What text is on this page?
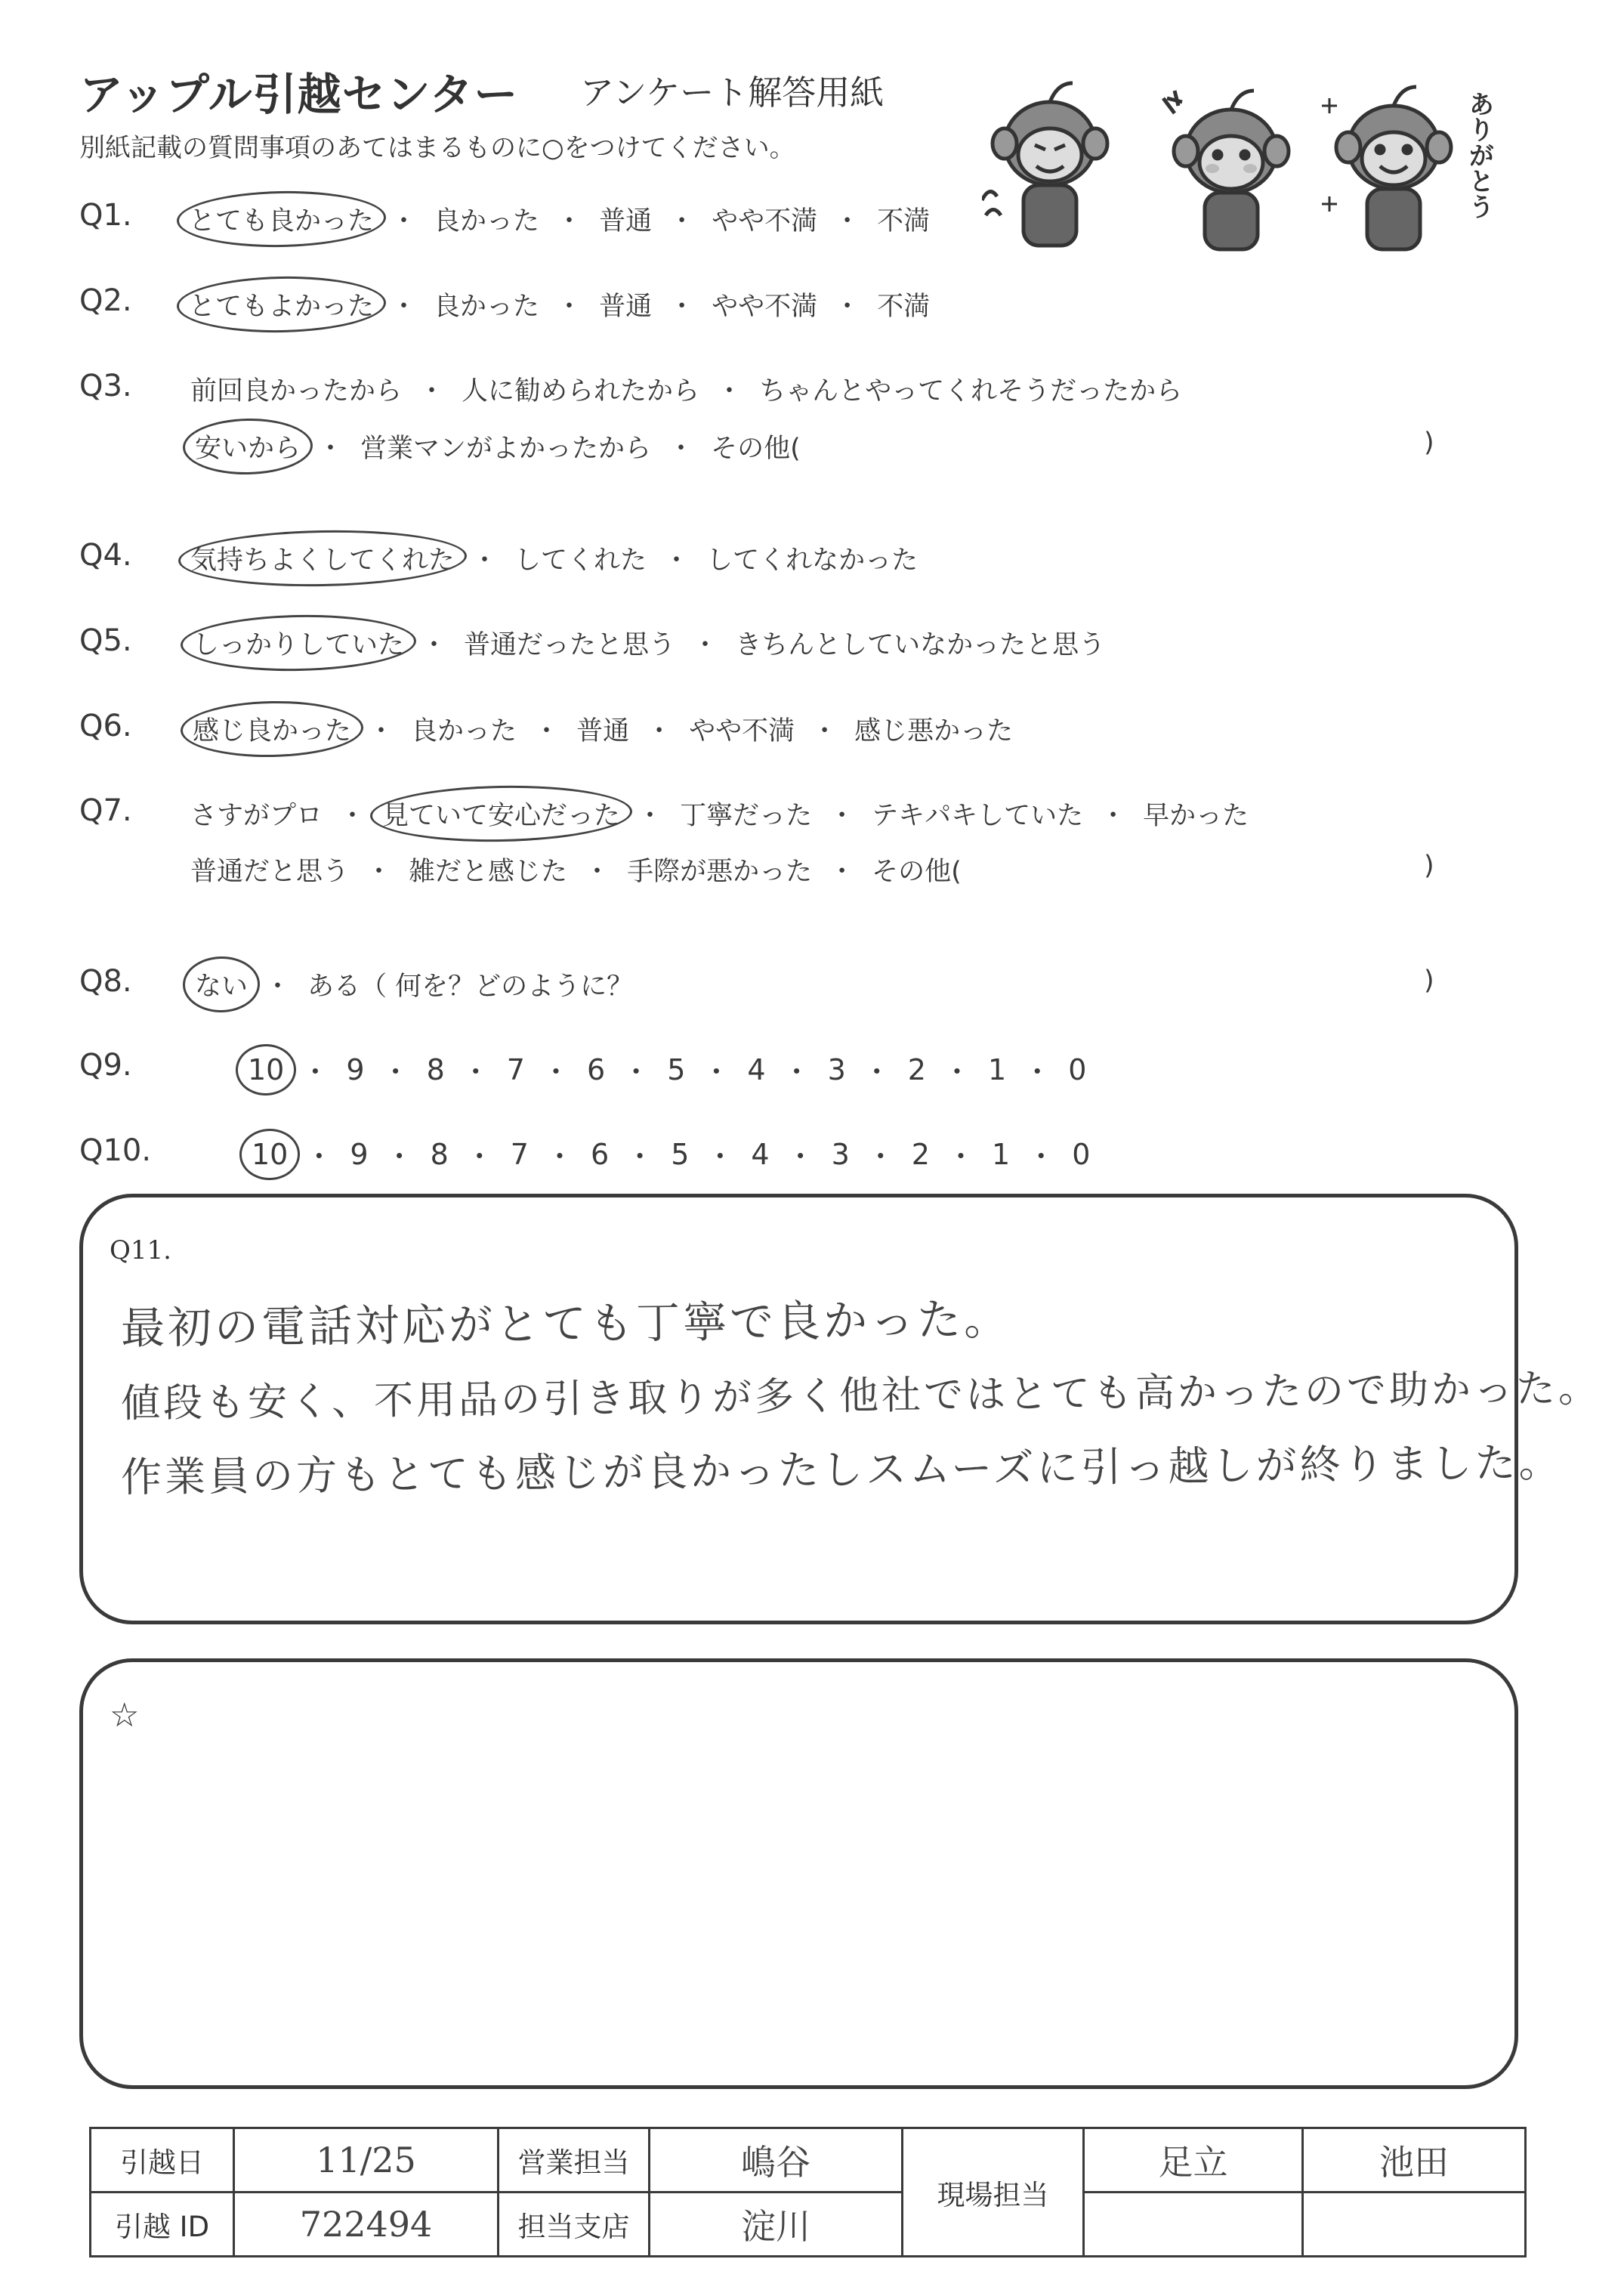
アップル引越センター アンケート解答用紙
別紙記載の質問事項のあてはまるものに○をつけてください。	ありがとう
Q1. とても良かった ・ 良かった ・ 普通 ・ やや不満 ・ 不満
Q2. とてもよかった ・ 良かった ・ 普通 ・ やや不満 ・ 不満
Q3. 前回良かったから ・ 人に勧められたから ・ ちゃんとやってくれそうだったから
安いから ・ 営業マンがよかったから ・ その他(	)
Q4. 気持ちよくしてくれた ・ してくれた ・ してくれなかった
Q5. しっかりしていた ・ 普通だったと思う ・ きちんとしていなかったと思う
Q6. 感じ良かった ・ 良かった ・ 普通 ・ やや不満 ・ 感じ悪かった
Q7. さすがプロ ・ 見ていて安心だった ・ 丁寧だった ・ テキパキしていた ・ 早かった
普通だと思う ・ 雑だと感じた ・ 手際が悪かった ・ その他(	)
Q8. ない ・ ある（ 何を？どのように？	)
Q9.	10 ・ 9 ・ 8 ・ 7 ・ 6 ・ 5 ・ 4 ・ 3 ・ 2 ・ 1 ・ 0
Q10.	10 ・ 9 ・ 8 ・ 7 ・ 6 ・ 5 ・ 4 ・ 3 ・ 2 ・ 1 ・ 0
Q11.
最初の電話対応がとても丁寧で良かった。
値段も安く、不用品の引き取りが多く他社ではとても高かったので助かった。
作業員の方もとても感じが良かったしスムーズに引っ越しが終りました。
☆
引越日	11/25	営業担当	嶋谷	現場担当	足立	池田
引越 ID	722494	担当支店	淀川			
